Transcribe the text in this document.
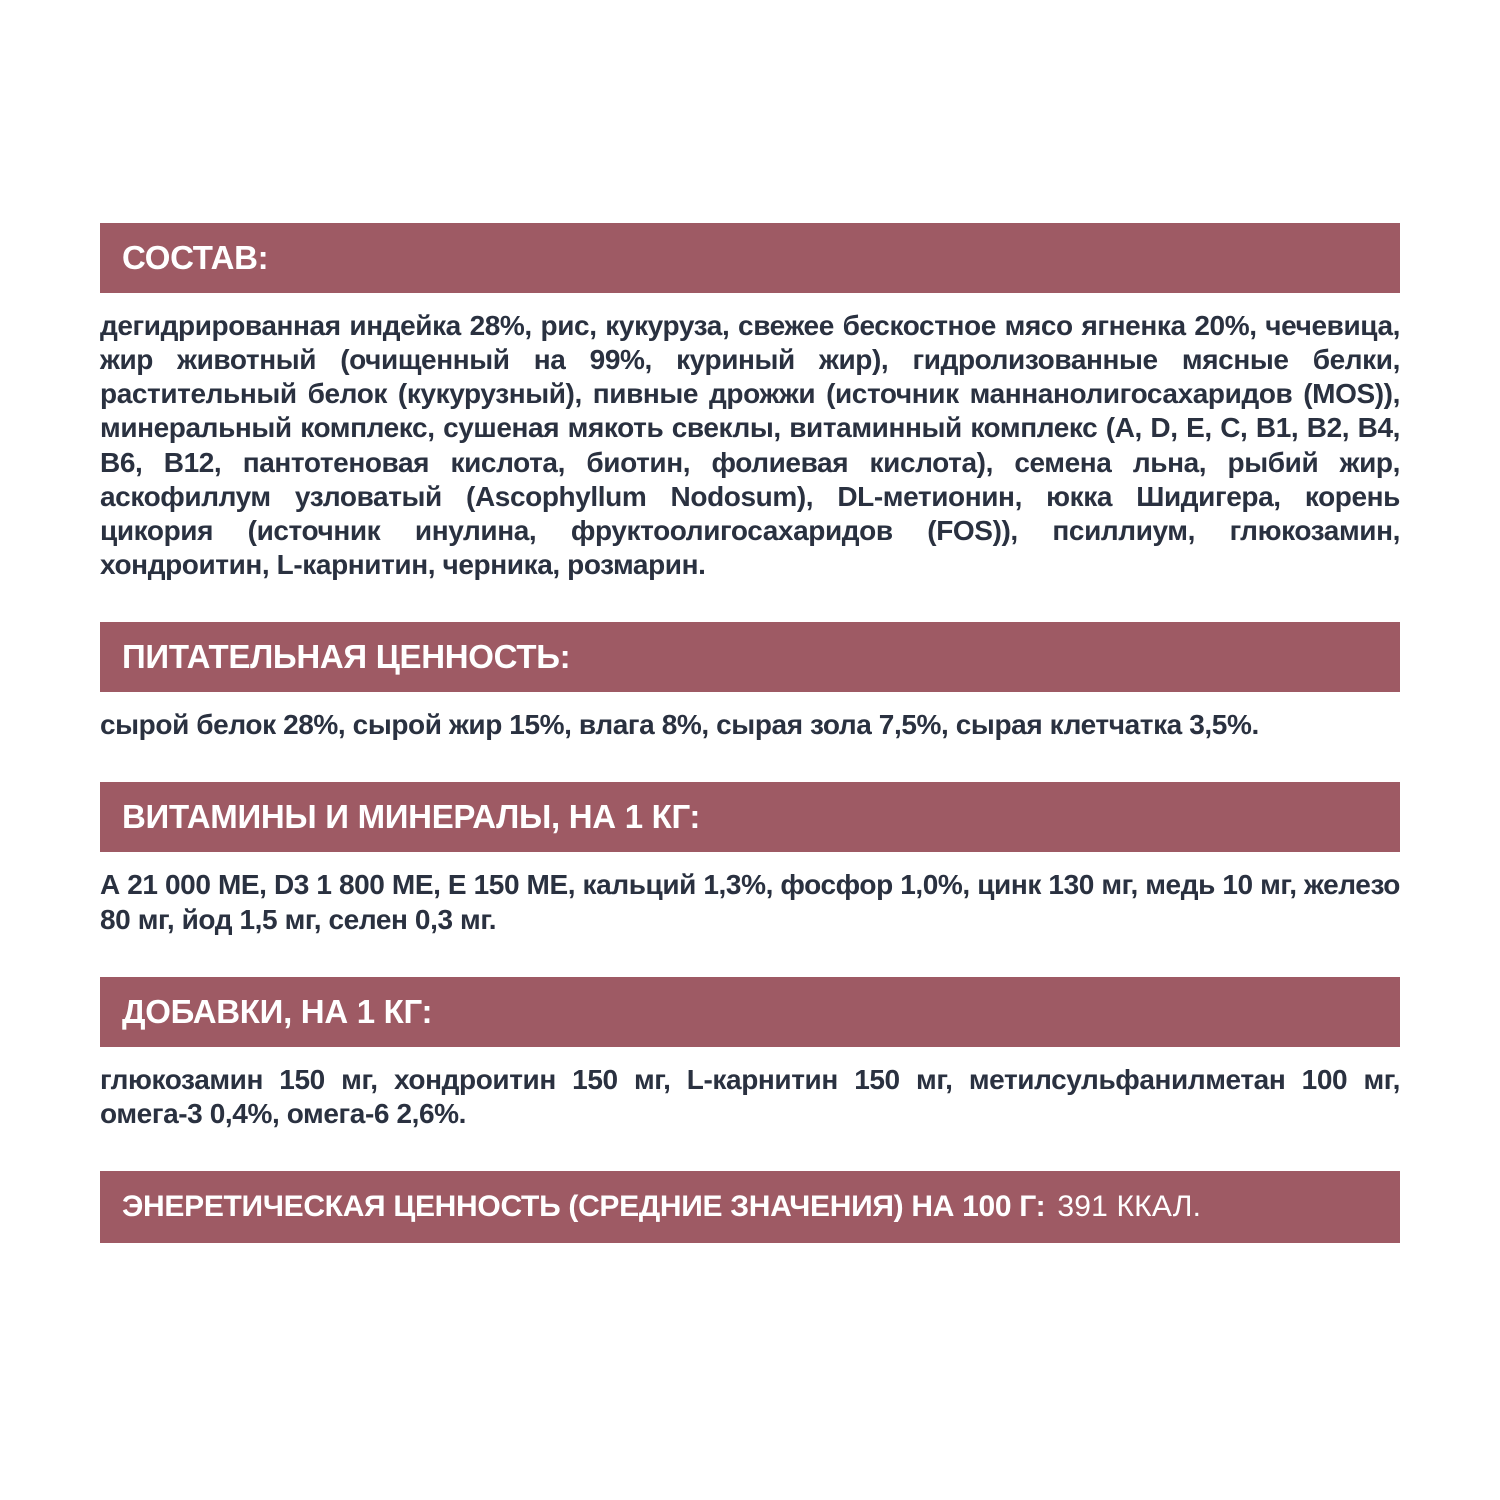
СОСТАВ:

дегидрированная индейка 28%, рис, кукуруза, свежее бескостное мясо ягненка 20%, чечевица, жир животный (очищенный на 99%, куриный жир), гидролизованные мясные белки, растительный белок (кукурузный), пивные дрожжи (источник маннанолигосахаридов (MOS)), минеральный комплекс, сушеная мякоть свеклы, витаминный комплекс (A, D, E, C, B1, B2, B4, B6, B12, пантотеновая кислота, биотин, фолиевая кислота), семена льна, рыбий жир, аскофиллум узловатый (Ascophyllum Nodosum), DL-метионин, юкка Шидигера, корень цикория (источник инулина, фруктоолигосахаридов (FOS)), псиллиум, глюкозамин, хондроитин, L-карнитин, черника, розмарин.

ПИТАТЕЛЬНАЯ ЦЕННОСТЬ:

сырой белок 28%, сырой жир 15%, влага 8%, сырая зола 7,5%, сырая клетчатка 3,5%.

ВИТАМИНЫ И МИНЕРАЛЫ, НА 1 КГ:

А 21 000 МЕ, D3 1 800 МЕ, Е 150 МЕ, кальций 1,3%, фосфор 1,0%, цинк 130 мг, медь 10 мг, железо 80 мг, йод 1,5 мг, селен 0,3 мг.

ДОБАВКИ, НА 1 КГ:

глюкозамин 150 мг, хондроитин 150 мг, L-карнитин 150 мг, метилсульфанилметан 100 мг, омега-3 0,4%, омега-6 2,6%.

ЭНЕРЕТИЧЕСКАЯ ЦЕННОСТЬ (СРЕДНИЕ ЗНАЧЕНИЯ) НА 100 Г: 391 ККАЛ.
